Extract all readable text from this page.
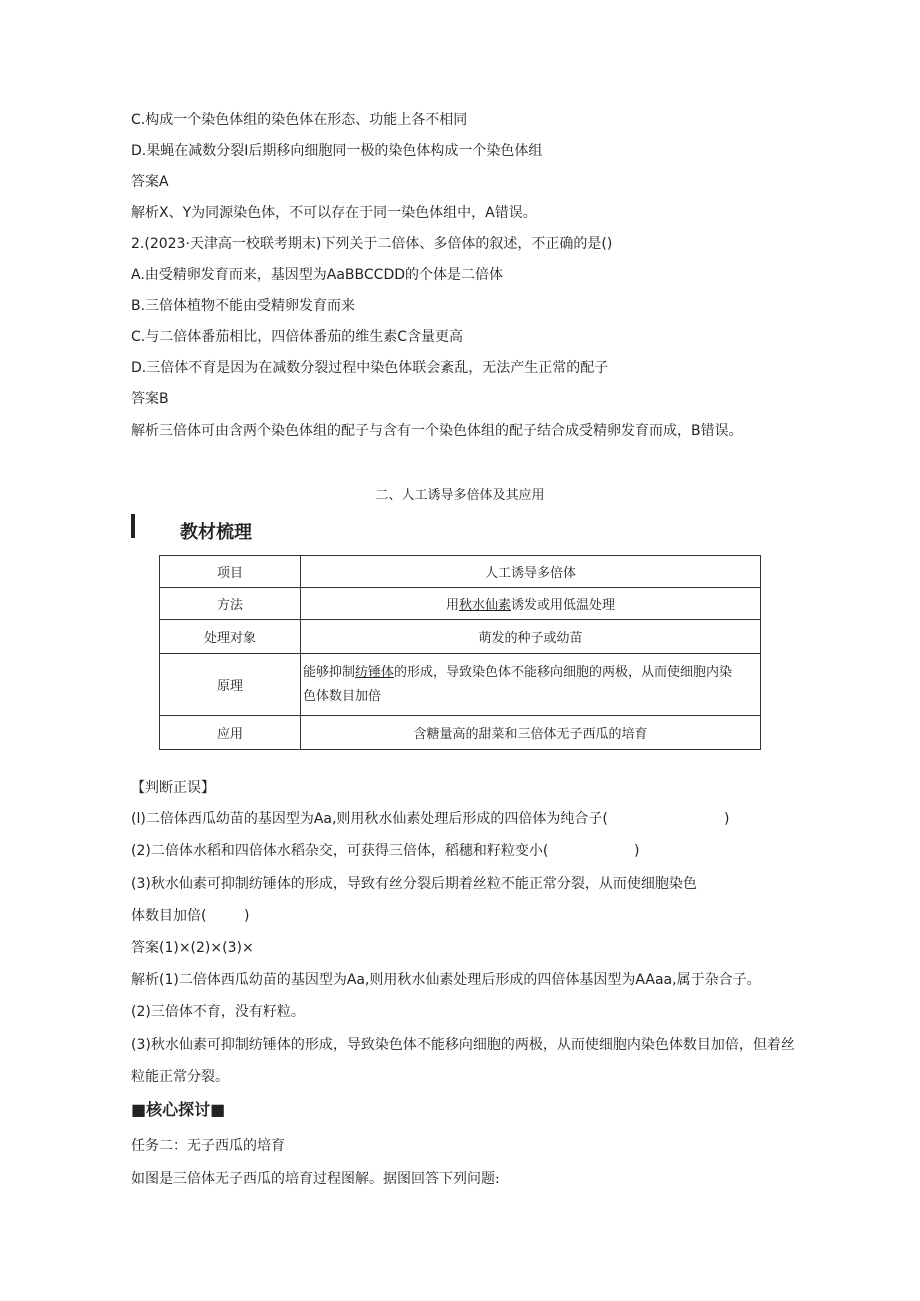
C.构成一个染色体组的染色体在形态、功能上各不相同
D.果蝇在减数分裂Ⅰ后期移向细胞同一极的染色体构成一个染色体组
答案A
解析X、Y为同源染色体，不可以存在于同一染色体组中，A错误。
2.(2023·天津高一校联考期末)下列关于二倍体、多倍体的叙述，不正确的是()
A.由受精卵发育而来，基因型为AaBBCCDD的个体是二倍体
B.三倍体植物不能由受精卵发育而来
C.与二倍体番茄相比，四倍体番茄的维生素C含量更高
D.三倍体不育是因为在减数分裂过程中染色体联会紊乱，无法产生正常的配子
答案B
解析三倍体可由含两个染色体组的配子与含有一个染色体组的配子结合成受精卵发育而成，B错误。
二、人工诱导多倍体及其应用
教材梳理
项目	人工诱导多倍体
方法	用秋水仙素诱发或用低温处理
处理对象	萌发的种子或幼苗
原理	能够抑制纺锤体的形成，导致染色体不能移向细胞的两极，从而使细胞内染
色体数目加倍
应用	含糖量高的甜菜和三倍体无子西瓜的培育
【判断正误】
(l)二倍体西瓜幼苗的基因型为Aa,则用秋水仙素处理后形成的四倍体为纯合子(	)
(2)二倍体水稻和四倍体水稻杂交，可获得三倍体，稻穗和籽粒变小(	)
(3)秋水仙素可抑制纺锤体的形成，导致有丝分裂后期着丝粒不能正常分裂，从而使细胞染色
体数目加倍(	)
答案(1)×(2)×(3)×
解析(1)二倍体西瓜幼苗的基因型为Aa,则用秋水仙素处理后形成的四倍体基因型为AAaa,属于杂合子。
(2)三倍体不育，没有籽粒。
(3)秋水仙素可抑制纺锤体的形成，导致染色体不能移向细胞的两极，从而使细胞内染色体数目加倍，但着丝
粒能正常分裂。
■核心探讨■
任务二：无子西瓜的培育
如图是三倍体无子西瓜的培育过程图解。据图回答下列问题:
